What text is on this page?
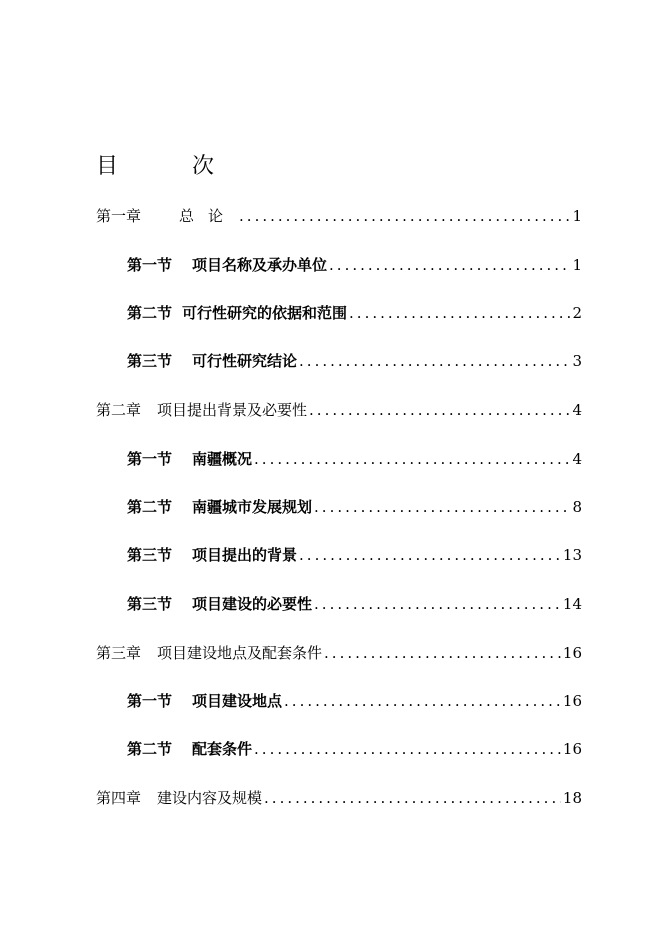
目	次
第一章	总论 .....	1
第一节 项目名称及承办单位 .....	1
第二节 可行性研究的依据和范围 .....	2
第三节 可行性研究结论 .....	3
第二章 项目提出背景及必要性 .....	4
第一节 南疆概况 .....	4
第二节 南疆城市发展规划 .....	8
第三节 项目提出的背景 .....	13
第三节 项目建设的必要性 .....	14
第三章 项目建设地点及配套条件 .....	16
第一节 项目建设地点 .....	16
第二节 配套条件 .....	16
第四章 建设内容及规模 .....	18
